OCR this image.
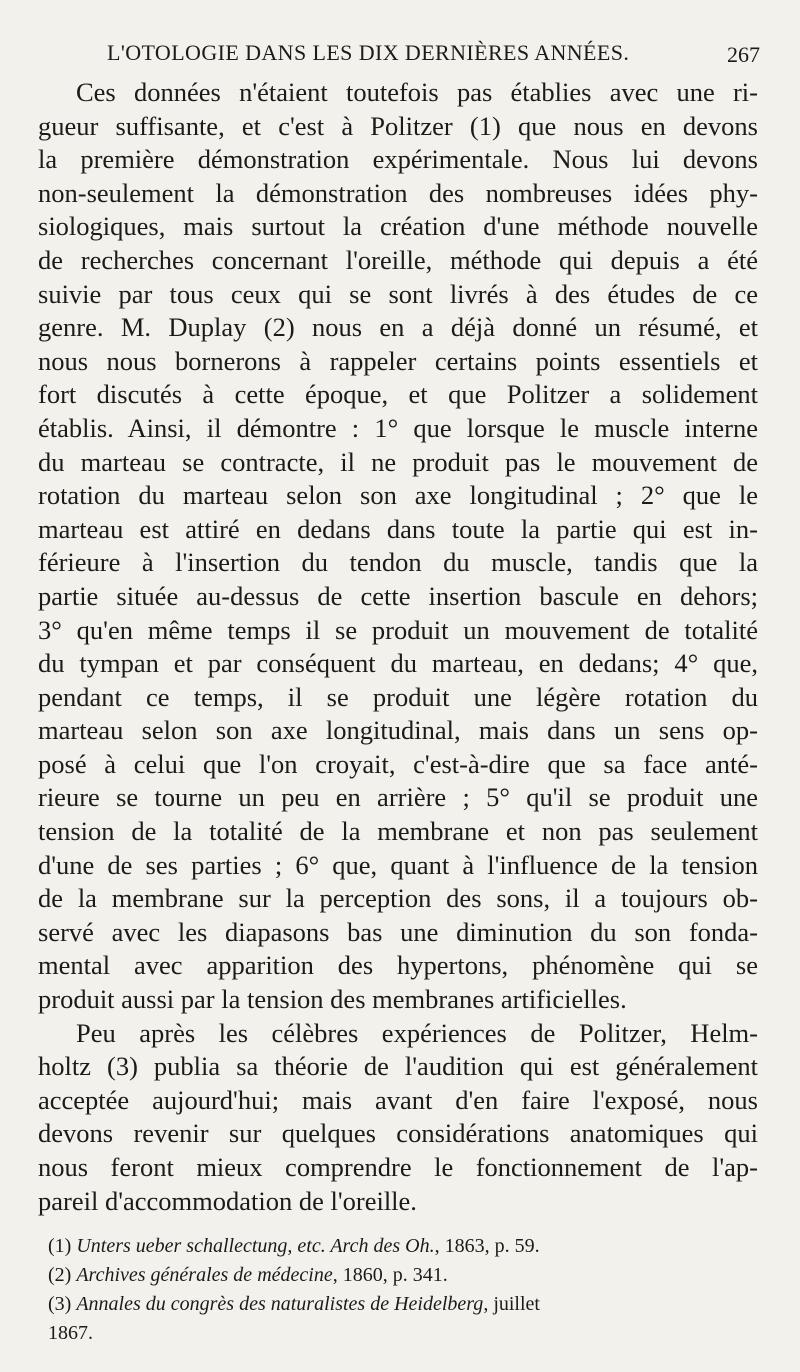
L'OTOLOGIE DANS LES DIX DERNIÈRES ANNÉES.	267
Ces données n'étaient toutefois pas établies avec une ri-
gueur suffisante, et c'est à Politzer (1) que nous en devons
la première démonstration expérimentale. Nous lui devons
non-seulement la démonstration des nombreuses idées phy-
siologiques, mais surtout la création d'une méthode nouvelle
de recherches concernant l'oreille, méthode qui depuis a été
suivie par tous ceux qui se sont livrés à des études de ce
genre. M. Duplay (2) nous en a déjà donné un résumé, et
nous nous bornerons à rappeler certains points essentiels et
fort discutés à cette époque, et que Politzer a solidement
établis. Ainsi, il démontre : 1° que lorsque le muscle interne
du marteau se contracte, il ne produit pas le mouvement de
rotation du marteau selon son axe longitudinal ; 2° que le
marteau est attiré en dedans dans toute la partie qui est in-
férieure à l'insertion du tendon du muscle, tandis que la
partie située au-dessus de cette insertion bascule en dehors;
3° qu'en même temps il se produit un mouvement de totalité
du tympan et par conséquent du marteau, en dedans; 4° que,
pendant ce temps, il se produit une légère rotation du
marteau selon son axe longitudinal, mais dans un sens op-
posé à celui que l'on croyait, c'est-à-dire que sa face anté-
rieure se tourne un peu en arrière ; 5° qu'il se produit une
tension de la totalité de la membrane et non pas seulement
d'une de ses parties ; 6° que, quant à l'influence de la tension
de la membrane sur la perception des sons, il a toujours ob-
servé avec les diapasons bas une diminution du son fonda-
mental avec apparition des hypertons, phénomène qui se
produit aussi par la tension des membranes artificielles.
Peu après les célèbres expériences de Politzer, Helm-
holtz (3) publia sa théorie de l'audition qui est généralement
acceptée aujourd'hui; mais avant d'en faire l'exposé, nous
devons revenir sur quelques considérations anatomiques qui
nous feront mieux comprendre le fonctionnement de l'ap-
pareil d'accommodation de l'oreille.
(1) Unters ueber schallectung, etc. Arch des Oh., 1863, p. 59.
(2) Archives générales de médecine, 1860, p. 341.
(3) Annales du congrès des naturalistes de Heidelberg, juillet
1867.
